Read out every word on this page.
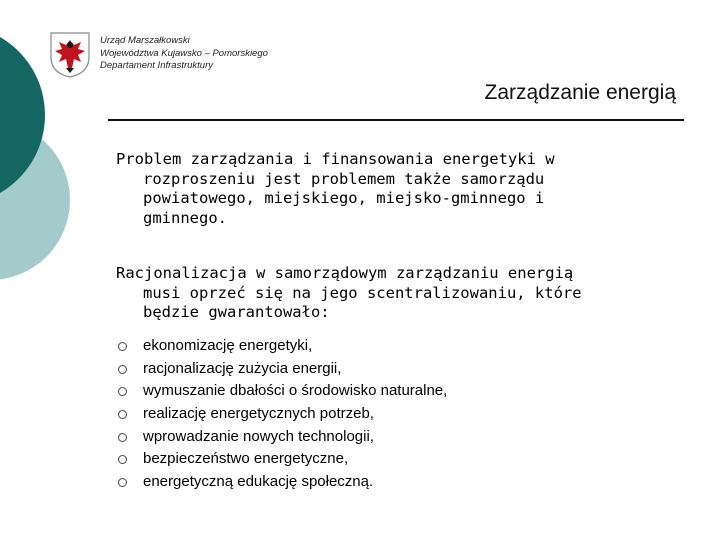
Urząd Marszałkowski
Województwa Kujawsko – Pomorskiego
Departament Infrastruktury
Zarządzanie energią
Problem zarządzania i finansowania energetyki w
rozproszeniu jest problemem także samorządu
powiatowego, miejskiego, miejsko-gminnego i
gminnego.
Racjonalizacja w samorządowym zarządzaniu energią
musi oprzeć się na jego scentralizowaniu, które
będzie gwarantowało:
ekonomizację energetyki,
racjonalizację zużycia energii,
wymuszanie dbałości o środowisko naturalne,
realizację energetycznych potrzeb,
wprowadzanie nowych technologii,
bezpieczeństwo energetyczne,
energetyczną edukację społeczną.
